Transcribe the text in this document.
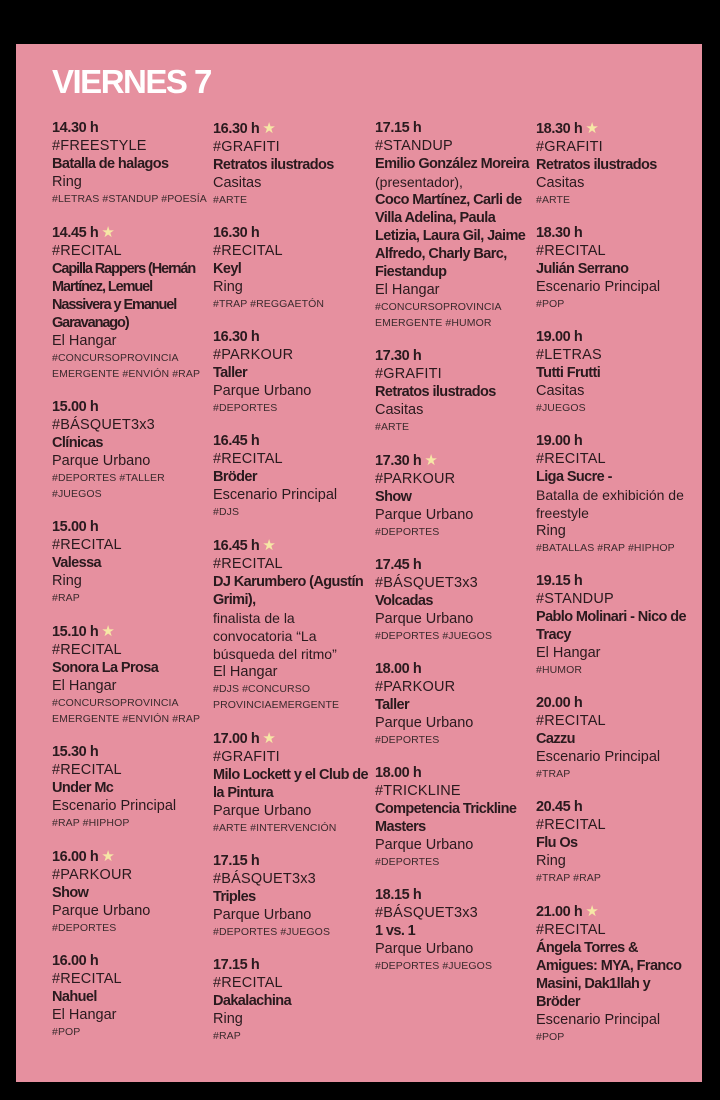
VIERNES 7
14.30 h
#FREESTYLE
Batalla de halagos
Ring
#LETRAS #STANDUP #POESÍA
14.45 h ★
#RECITAL
Capilla Rappers (Hernán Martínez, Lemuel Nassivera y Emanuel Garavanago)
El Hangar
#CONCURSOPROVINCIA EMERGENTE #ENVIÓN #RAP
15.00 h
#BÁSQUET3x3
Clínicas
Parque Urbano
#DEPORTES #TALLER #JUEGOS
15.00 h
#RECITAL
Valessa
Ring
#RAP
15.10 h ★
#RECITAL
Sonora La Prosa
El Hangar
#CONCURSOPROVINCIA EMERGENTE #ENVIÓN #RAP
15.30 h
#RECITAL
Under Mc
Escenario Principal
#RAP #HIPHOP
16.00 h ★
#PARKOUR
Show
Parque Urbano
#DEPORTES
16.00 h
#RECITAL
Nahuel
El Hangar
#POP
16.30 h ★
#GRAFITI
Retratos ilustrados
Casitas
#ARTE
16.30 h
#RECITAL
Keyl
Ring
#TRAP #REGGAETÓN
16.30 h
#PARKOUR
Taller
Parque Urbano
#DEPORTES
16.45 h
#RECITAL
Bröder
Escenario Principal
#DJS
16.45 h ★
#RECITAL
DJ Karumbero (Agustín Grimi),
finalista de la convocatoria “La búsqueda del ritmo”
El Hangar
#DJS #CONCURSO PROVINCIAEMERGENTE
17.00 h ★
#GRAFITI
Milo Lockett y el Club de la Pintura
Parque Urbano
#ARTE #INTERVENCIÓN
17.15 h
#BÁSQUET3x3
Triples
Parque Urbano
#DEPORTES #JUEGOS
17.15 h
#RECITAL
Dakalachina
Ring
#RAP
17.15 h
#STANDUP
Emilio González Moreira
(presentador),
Coco Martínez, Carli de Villa Adelina, Paula Letizia, Laura Gil, Jaime Alfredo, Charly Barc, Fiestandup
El Hangar
#CONCURSOPROVINCIA EMERGENTE #HUMOR
17.30 h
#GRAFITI
Retratos ilustrados
Casitas
#ARTE
17.30 h ★
#PARKOUR
Show
Parque Urbano
#DEPORTES
17.45 h
#BÁSQUET3x3
Volcadas
Parque Urbano
#DEPORTES #JUEGOS
18.00 h
#PARKOUR
Taller
Parque Urbano
#DEPORTES
18.00 h
#TRICKLINE
Competencia Trickline Masters
Parque Urbano
#DEPORTES
18.15 h
#BÁSQUET3x3
1 vs. 1
Parque Urbano
#DEPORTES #JUEGOS
18.30 h ★
#GRAFITI
Retratos ilustrados
Casitas
#ARTE
18.30 h
#RECITAL
Julián Serrano
Escenario Principal
#POP
19.00 h
#LETRAS
Tutti Frutti
Casitas
#JUEGOS
19.00 h
#RECITAL
Liga Sucre -
Batalla de exhibición de freestyle
Ring
#BATALLAS #RAP #HIPHOP
19.15 h
#STANDUP
Pablo Molinari - Nico de Tracy
El Hangar
#HUMOR
20.00 h
#RECITAL
Cazzu
Escenario Principal
#TRAP
20.45 h
#RECITAL
Flu Os
Ring
#TRAP #RAP
21.00 h ★
#RECITAL
Ángela Torres & Amigues: MYA, Franco Masini, Dak1llah y Bröder
Escenario Principal
#POP
